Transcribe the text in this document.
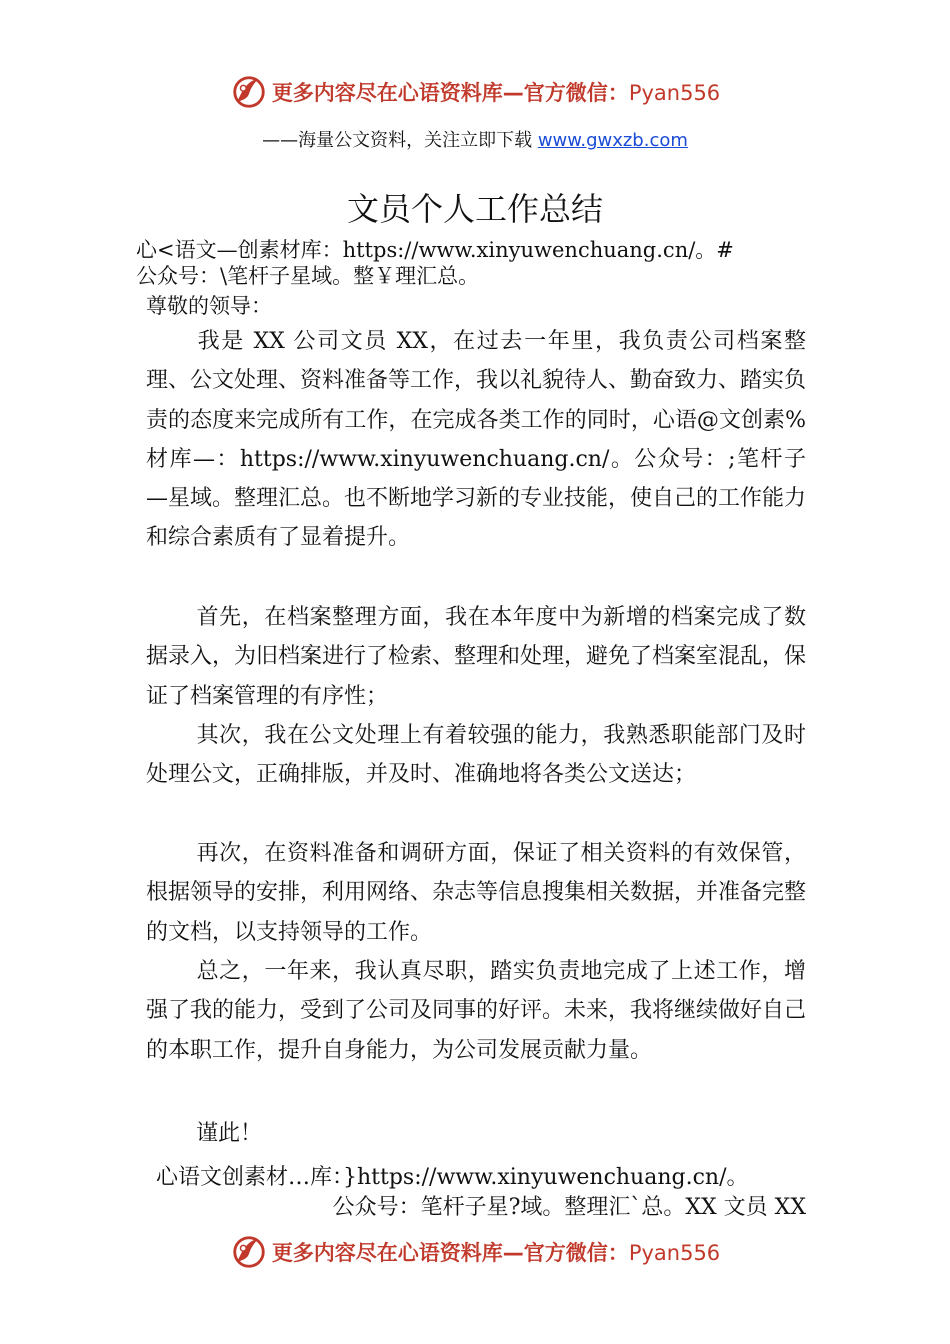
更多内容尽在心语资料库—官方微信：Pyan556
——海量公文资料，关注立即下载 www.gwxzb.com
文员个人工作总结
心<语文—创素材库：https://www.xinyuwenchuang.cn/。#
公众号：\笔杆子星域。整￥理汇总。
尊敬的领导：

我是 XX 公司文员 XX，在过去一年里，我负责公司档案整理、公文处理、资料准备等工作，我以礼貌待人、勤奋致力、踏实负责的态度来完成所有工作，在完成各类工作的同时，心语@文创素%材库—：https://www.xinyuwenchuang.cn/。公众号：;笔杆子—星域。整理汇总。也不断地学习新的专业技能，使自己的工作能力和综合素质有了显着提升。

首先，在档案整理方面，我在本年度中为新增的档案完成了数据录入，为旧档案进行了检索、整理和处理，避免了档案室混乱，保证了档案管理的有序性；

其次，我在公文处理上有着较强的能力，我熟悉职能部门及时处理公文，正确排版，并及时、准确地将各类公文送达；

再次，在资料准备和调研方面，保证了相关资料的有效保管，根据领导的安排，利用网络、杂志等信息搜集相关数据，并准备完整的文档，以支持领导的工作。

总之，一年来，我认真尽职，踏实负责地完成了上述工作，增强了我的能力，受到了公司及同事的好评。未来，我将继续做好自己的本职工作，提升自身能力，为公司发展贡献力量。

谨此！
心语文创素材…库：}https://www.xinyuwenchuang.cn/。
公众号：笔杆子星?域。整理汇`总。XX 文员 XX
更多内容尽在心语资料库—官方微信：Pyan556
